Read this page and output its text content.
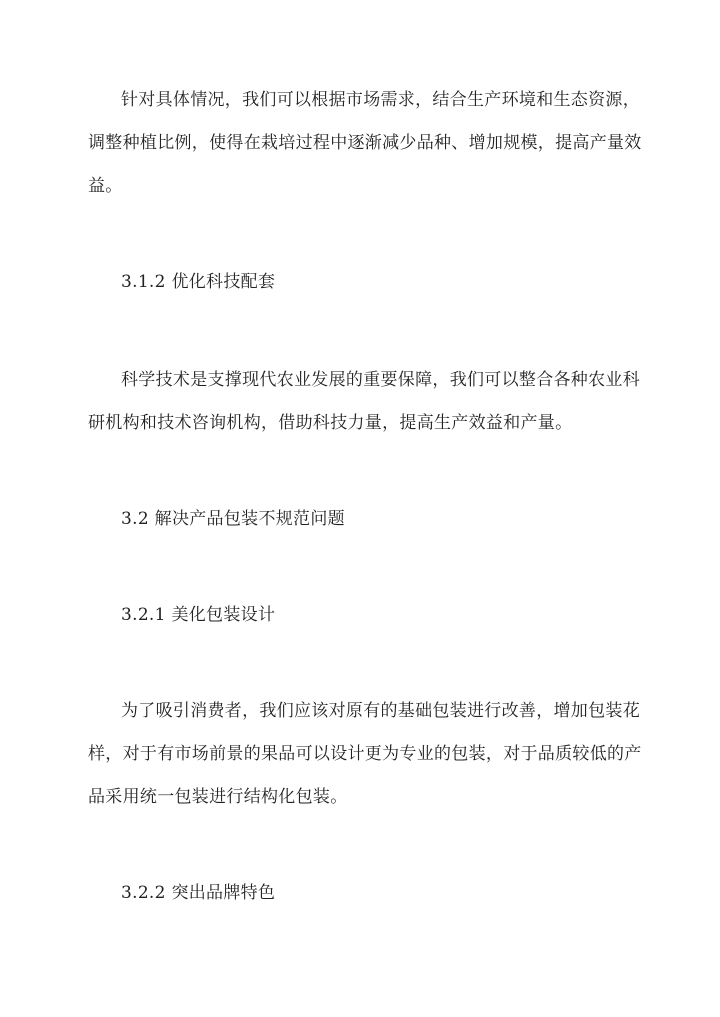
针对具体情况，我们可以根据市场需求，结合生产环境和生态资源，
调整种植比例，使得在栽培过程中逐渐减少品种、增加规模，提高产量效
益。
3.1.2 优化科技配套
科学技术是支撑现代农业发展的重要保障，我们可以整合各种农业科
研机构和技术咨询机构，借助科技力量，提高生产效益和产量。
3.2 解决产品包装不规范问题
3.2.1 美化包装设计
为了吸引消费者，我们应该对原有的基础包装进行改善，增加包装花
样，对于有市场前景的果品可以设计更为专业的包装，对于品质较低的产
品采用统一包装进行结构化包装。
3.2.2 突出品牌特色
